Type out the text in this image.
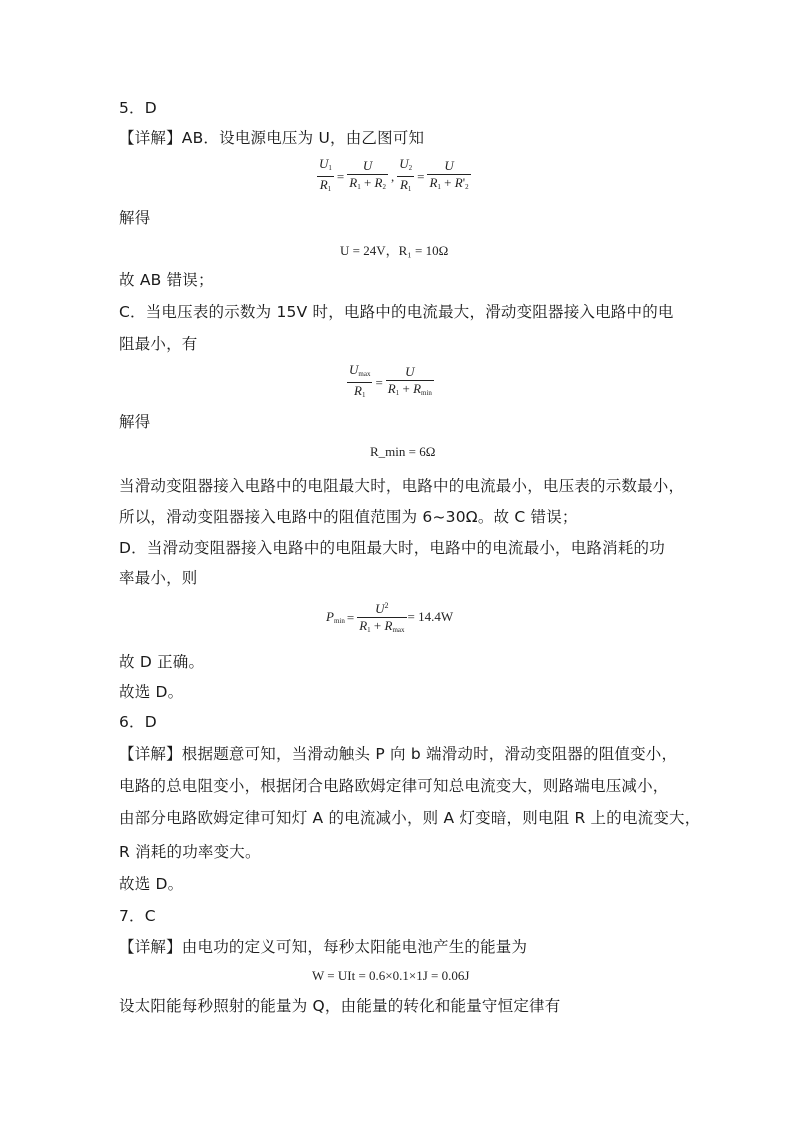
5．D
【详解】AB．设电源电压为 U，由乙图可知
$\frac{U_1}{R_1} = \frac{U}{R_1 + R_2}$ , $\frac{U_2}{R_1} = \frac{U}{R_1 + R'_2}$
解得
U = 24V，R₁ = 10Ω
故 AB 错误；
C．当电压表的示数为 15V 时，电路中的电流最大，滑动变阻器接入电路中的电
阻最小，有
$\frac{U_{max}}{R_1} = \frac{U}{R_1 + R_{min}}$
解得
R_min = 6Ω
当滑动变阻器接入电路中的电阻最大时，电路中的电流最小，电压表的示数最小，
所以，滑动变阻器接入电路中的阻值范围为 6~30Ω。故 C 错误；
D．当滑动变阻器接入电路中的电阻最大时，电路中的电流最小，电路消耗的功
率最小，则
$P_{min} = \frac{U^2}{R_1 + R_{max}} = 14.4W$
故 D 正确。
故选 D。
6．D
【详解】根据题意可知，当滑动触头 P 向 b 端滑动时，滑动变阻器的阻值变小，
电路的总电阻变小，根据闭合电路欧姆定律可知总电流变大，则路端电压减小，
由部分电路欧姆定律可知灯 A 的电流减小，则 A 灯变暗，则电阻 R 上的电流变大，
R 消耗的功率变大。
故选 D。
7．C
【详解】由电功的定义可知，每秒太阳能电池产生的能量为
W = UIt = 0.6×0.1×1J = 0.06J
设太阳能每秒照射的能量为 Q，由能量的转化和能量守恒定律有
